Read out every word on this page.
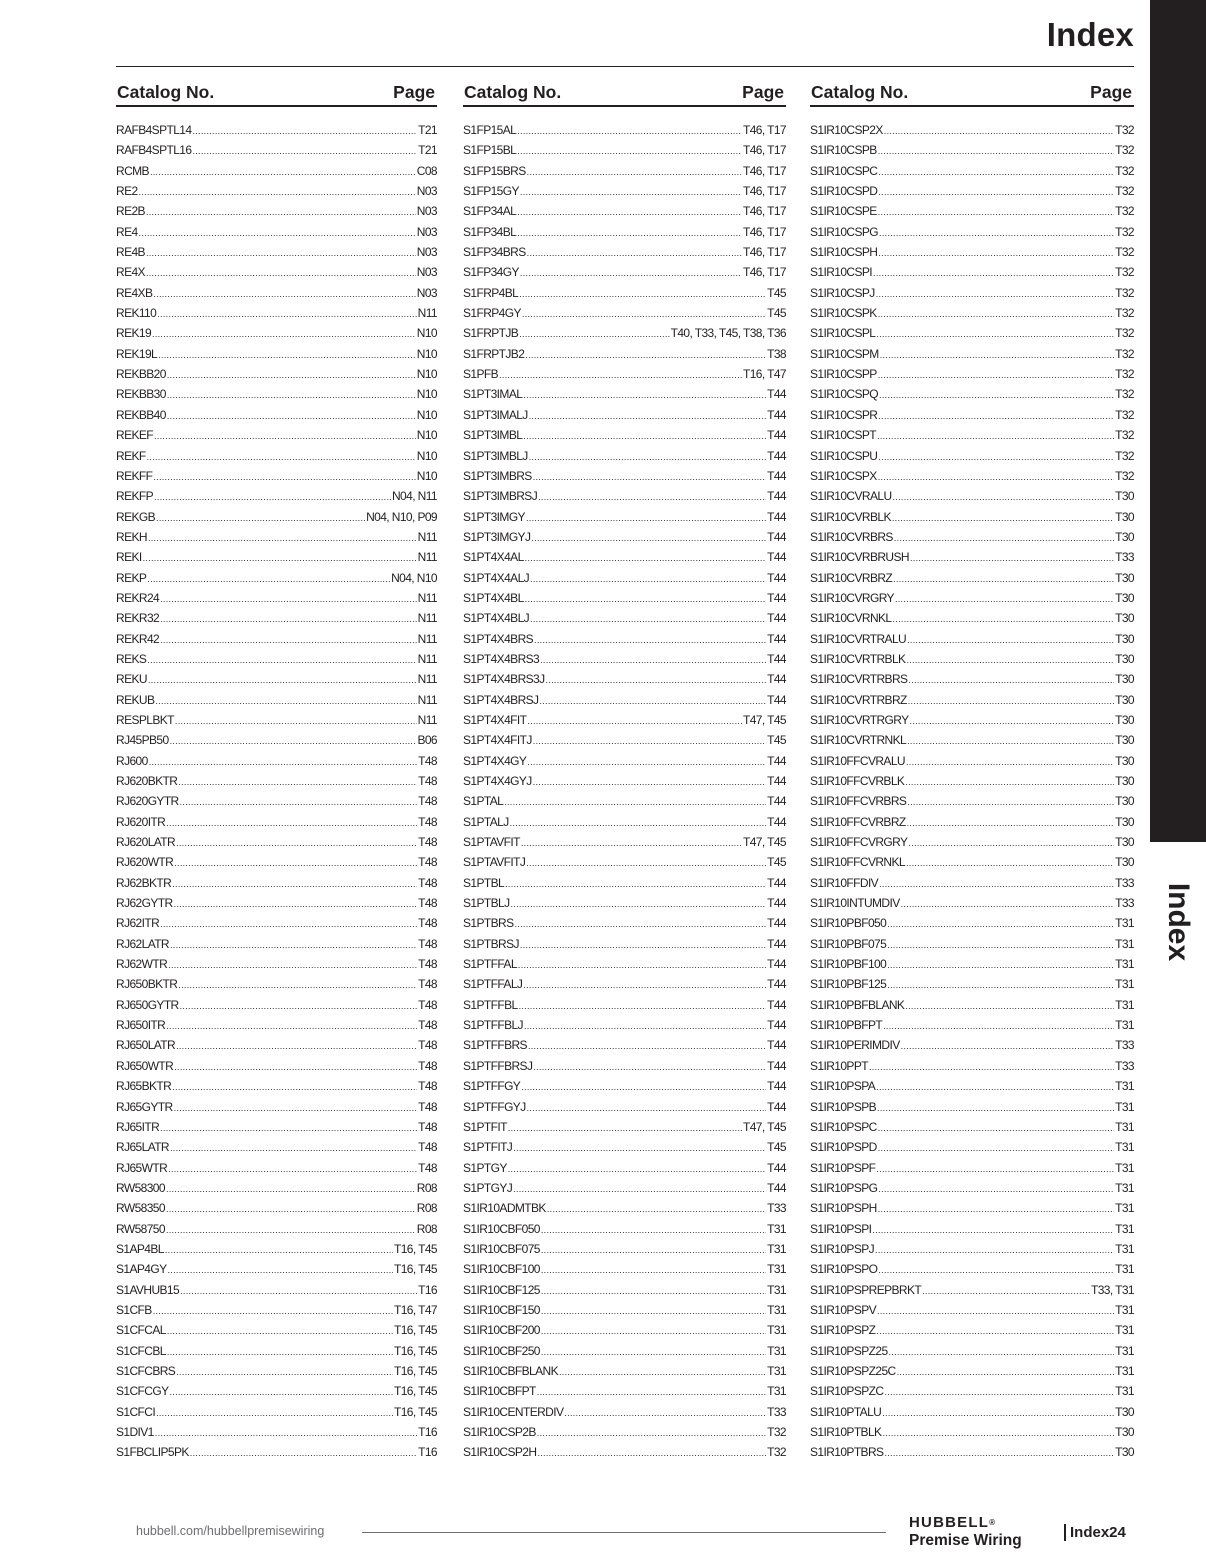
Index
Index
Catalog No.	Page
RAFB4SPTL14 .....	T21
RAFB4SPTL16 .....	T21
RCMB .....	C08
RE2 .....	N03
RE2B .....	N03
RE4 .....	N03
RE4B .....	N03
RE4X .....	N03
RE4XB .....	N03
REK110 .....	N11
REK19 .....	N10
REK19L .....	N10
REKBB20 .....	N10
REKBB30 .....	N10
REKBB40 .....	N10
REKEF .....	N10
REKF .....	N10
REKFF .....	N10
REKFP .....	N04, N11
REKGB .....	N04, N10, P09
REKH .....	N11
REKI .....	N11
REKP .....	N04, N10
REKR24 .....	N11
REKR32 .....	N11
REKR42 .....	N11
REKS .....	N11
REKU .....	N11
REKUB .....	N11
RESPLBKT .....	N11
RJ45PB50 .....	B06
RJ600 .....	T48
RJ620BKTR .....	T48
RJ620GYTR .....	T48
RJ620ITR .....	T48
RJ620LATR .....	T48
RJ620WTR .....	T48
RJ62BKTR .....	T48
RJ62GYTR .....	T48
RJ62ITR .....	T48
RJ62LATR .....	T48
RJ62WTR .....	T48
RJ650BKTR .....	T48
RJ650GYTR .....	T48
RJ650ITR .....	T48
RJ650LATR .....	T48
RJ650WTR .....	T48
RJ65BKTR .....	T48
RJ65GYTR .....	T48
RJ65ITR .....	T48
RJ65LATR .....	T48
RJ65WTR .....	T48
RW58300 .....	R08
RW58350 .....	R08
RW58750 .....	R08
S1AP4BL .....	T16, T45
S1AP4GY .....	T16, T45
S1AVHUB15 .....	T16
S1CFB .....	T16, T47
S1CFCAL .....	T16, T45
S1CFCBL .....	T16, T45
S1CFCBRS .....	T16, T45
S1CFCGY .....	T16, T45
S1CFCI .....	T16, T45
S1DIV1 .....	T16
S1FBCLIP5PK .....	T16
Catalog No.	Page
S1FP15AL .....	T46, T17
S1FP15BL .....	T46, T17
S1FP15BRS .....	T46, T17
S1FP15GY .....	T46, T17
S1FP34AL .....	T46, T17
S1FP34BL .....	T46, T17
S1FP34BRS .....	T46, T17
S1FP34GY .....	T46, T17
S1FRP4BL .....	T45
S1FRP4GY .....	T45
S1FRPTJB .....	T40, T33, T45, T38, T36
S1FRPTJB2 .....	T38
S1PFB .....	T16, T47
S1PT3IMAL .....	T44
S1PT3IMALJ .....	T44
S1PT3IMBL .....	T44
S1PT3IMBLJ .....	T44
S1PT3IMBRS .....	T44
S1PT3IMBRSJ .....	T44
S1PT3IMGY .....	T44
S1PT3IMGYJ .....	T44
S1PT4X4AL .....	T44
S1PT4X4ALJ .....	T44
S1PT4X4BL .....	T44
S1PT4X4BLJ .....	T44
S1PT4X4BRS .....	T44
S1PT4X4BRS3 .....	T44
S1PT4X4BRS3J .....	T44
S1PT4X4BRSJ .....	T44
S1PT4X4FIT .....	T47, T45
S1PT4X4FITJ .....	T45
S1PT4X4GY .....	T44
S1PT4X4GYJ .....	T44
S1PTAL .....	T44
S1PTALJ .....	T44
S1PTAVFIT .....	T47, T45
S1PTAVFITJ .....	T45
S1PTBL .....	T44
S1PTBLJ .....	T44
S1PTBRS .....	T44
S1PTBRSJ .....	T44
S1PTFFAL .....	T44
S1PTFFALJ .....	T44
S1PTFFBL .....	T44
S1PTFFBLJ .....	T44
S1PTFFBRS .....	T44
S1PTFFBRSJ .....	T44
S1PTFFGY .....	T44
S1PTFFGYJ .....	T44
S1PTFIT .....	T47, T45
S1PTFITJ .....	T45
S1PTGY .....	T44
S1PTGYJ .....	T44
S1IR10ADMTBK .....	T33
S1IR10CBF050 .....	T31
S1IR10CBF075 .....	T31
S1IR10CBF100 .....	T31
S1IR10CBF125 .....	T31
S1IR10CBF150 .....	T31
S1IR10CBF200 .....	T31
S1IR10CBF250 .....	T31
S1IR10CBFBLANK .....	T31
S1IR10CBFPT .....	T31
S1IR10CENTERDIV .....	T33
S1IR10CSP2B .....	T32
S1IR10CSP2H .....	T32
Catalog No.	Page
S1IR10CSP2X .....	T32
S1IR10CSPB .....	T32
S1IR10CSPC .....	T32
S1IR10CSPD .....	T32
S1IR10CSPE .....	T32
S1IR10CSPG .....	T32
S1IR10CSPH .....	T32
S1IR10CSPI .....	T32
S1IR10CSPJ .....	T32
S1IR10CSPK .....	T32
S1IR10CSPL .....	T32
S1IR10CSPM .....	T32
S1IR10CSPP .....	T32
S1IR10CSPQ .....	T32
S1IR10CSPR .....	T32
S1IR10CSPT .....	T32
S1IR10CSPU .....	T32
S1IR10CSPX .....	T32
S1IR10CVRALU .....	T30
S1IR10CVRBLK .....	T30
S1IR10CVRBRS .....	T30
S1IR10CVRBRUSH .....	T33
S1IR10CVRBRZ .....	T30
S1IR10CVRGRY .....	T30
S1IR10CVRNKL .....	T30
S1IR10CVRTRALU .....	T30
S1IR10CVRTRBLK .....	T30
S1IR10CVRTRBRS .....	T30
S1IR10CVRTRBRZ .....	T30
S1IR10CVRTRGRY .....	T30
S1IR10CVRTRNKL .....	T30
S1IR10FFCVRALU .....	T30
S1IR10FFCVRBLK .....	T30
S1IR10FFCVRBRS .....	T30
S1IR10FFCVRBRZ .....	T30
S1IR10FFCVRGRY .....	T30
S1IR10FFCVRNKL .....	T30
S1IR10FFDIV .....	T33
S1IR10INTUMDIV .....	T33
S1IR10PBF050 .....	T31
S1IR10PBF075 .....	T31
S1IR10PBF100 .....	T31
S1IR10PBF125 .....	T31
S1IR10PBFBLANK .....	T31
S1IR10PBFPT .....	T31
S1IR10PERIMDIV .....	T33
S1IR10PPT .....	T33
S1IR10PSPA .....	T31
S1IR10PSPB .....	T31
S1IR10PSPC .....	T31
S1IR10PSPD .....	T31
S1IR10PSPF .....	T31
S1IR10PSPG .....	T31
S1IR10PSPH .....	T31
S1IR10PSPI .....	T31
S1IR10PSPJ .....	T31
S1IR10PSPO .....	T31
S1IR10PSPREPBRKT .....	T33, T31
S1IR10PSPV .....	T31
S1IR10PSPZ .....	T31
S1IR10PSPZ25 .....	T31
S1IR10PSPZ25C .....	T31
S1IR10PSPZC .....	T31
S1IR10PTALU .....	T30
S1IR10PTBLK .....	T30
S1IR10PTBRS .....	T30
hubbell.com/hubbellpremisewiring	HUBBELL®
Premise Wiring	Index24
